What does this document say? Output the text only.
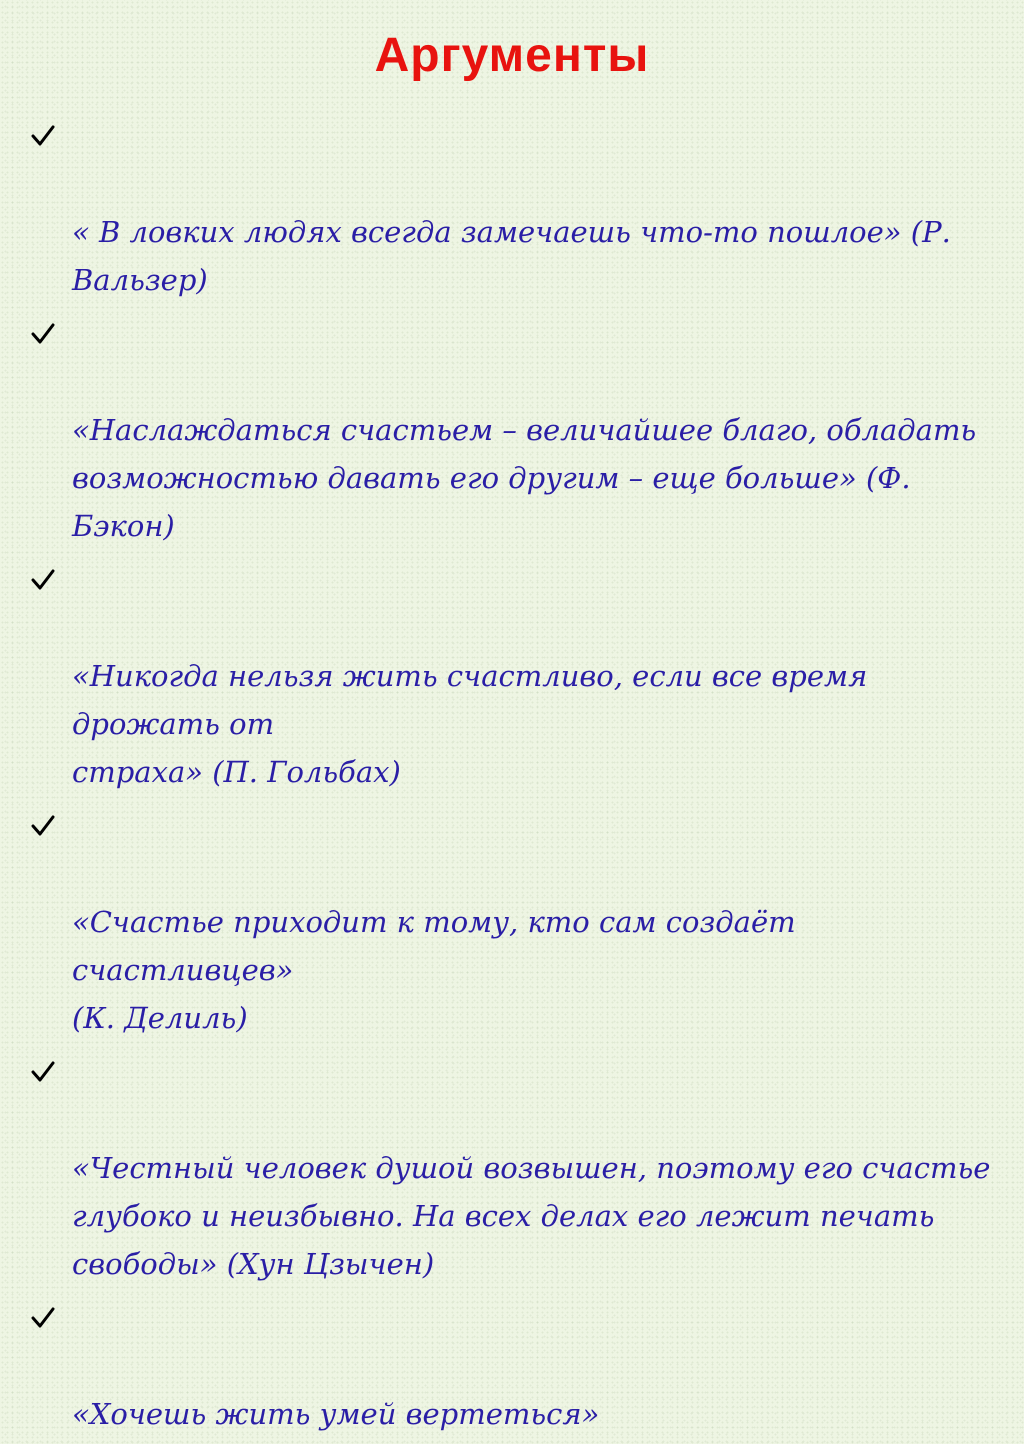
Аргументы

« В ловких людях всегда замечаешь что-то пошлое» (Р.
Вальзер)

«Наслаждаться счастьем – величайшее благо, обладать
возможностью давать его другим – еще больше» (Ф. Бэкон)

«Никогда нельзя жить счастливо, если все время дрожать от
страха» (П. Гольбах)

«Счастье приходит к тому, кто сам создаёт счастливцев»
(К. Делиль)

«Честный человек душой возвышен, поэтому его счастье
глубоко и неизбывно. На всех делах его лежит печать
свободы» (Хун Цзычен)

«Хочешь жить умей вертеться»
